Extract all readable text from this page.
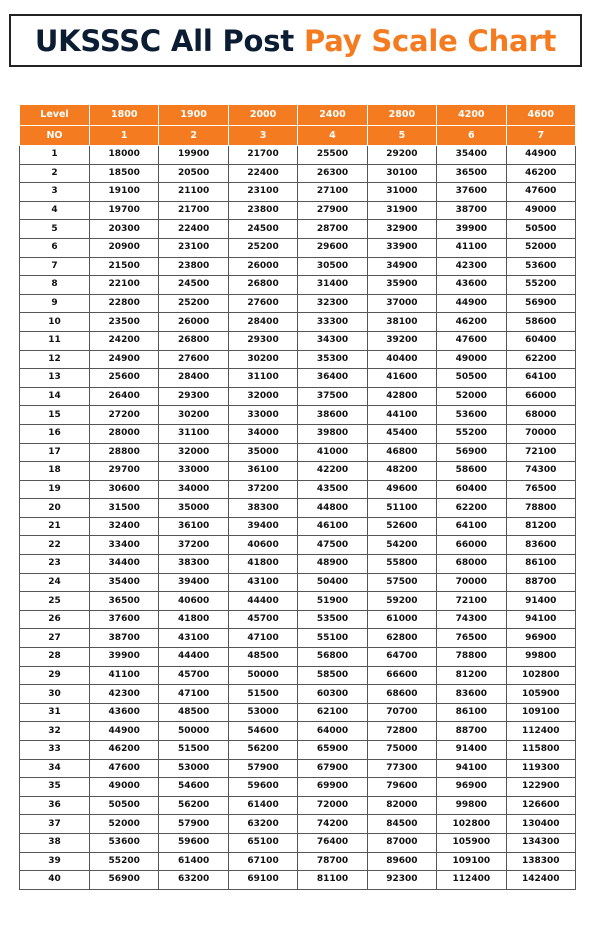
UKSSSC All Post Pay Scale Chart
Level	1800	1900	2000	2400	2800	4200	4600
NO	1	2	3	4	5	6	7
1	18000	19900	21700	25500	29200	35400	44900
2	18500	20500	22400	26300	30100	36500	46200
3	19100	21100	23100	27100	31000	37600	47600
4	19700	21700	23800	27900	31900	38700	49000
5	20300	22400	24500	28700	32900	39900	50500
6	20900	23100	25200	29600	33900	41100	52000
7	21500	23800	26000	30500	34900	42300	53600
8	22100	24500	26800	31400	35900	43600	55200
9	22800	25200	27600	32300	37000	44900	56900
10	23500	26000	28400	33300	38100	46200	58600
11	24200	26800	29300	34300	39200	47600	60400
12	24900	27600	30200	35300	40400	49000	62200
13	25600	28400	31100	36400	41600	50500	64100
14	26400	29300	32000	37500	42800	52000	66000
15	27200	30200	33000	38600	44100	53600	68000
16	28000	31100	34000	39800	45400	55200	70000
17	28800	32000	35000	41000	46800	56900	72100
18	29700	33000	36100	42200	48200	58600	74300
19	30600	34000	37200	43500	49600	60400	76500
20	31500	35000	38300	44800	51100	62200	78800
21	32400	36100	39400	46100	52600	64100	81200
22	33400	37200	40600	47500	54200	66000	83600
23	34400	38300	41800	48900	55800	68000	86100
24	35400	39400	43100	50400	57500	70000	88700
25	36500	40600	44400	51900	59200	72100	91400
26	37600	41800	45700	53500	61000	74300	94100
27	38700	43100	47100	55100	62800	76500	96900
28	39900	44400	48500	56800	64700	78800	99800
29	41100	45700	50000	58500	66600	81200	102800
30	42300	47100	51500	60300	68600	83600	105900
31	43600	48500	53000	62100	70700	86100	109100
32	44900	50000	54600	64000	72800	88700	112400
33	46200	51500	56200	65900	75000	91400	115800
34	47600	53000	57900	67900	77300	94100	119300
35	49000	54600	59600	69900	79600	96900	122900
36	50500	56200	61400	72000	82000	99800	126600
37	52000	57900	63200	74200	84500	102800	130400
38	53600	59600	65100	76400	87000	105900	134300
39	55200	61400	67100	78700	89600	109100	138300
40	56900	63200	69100	81100	92300	112400	142400
